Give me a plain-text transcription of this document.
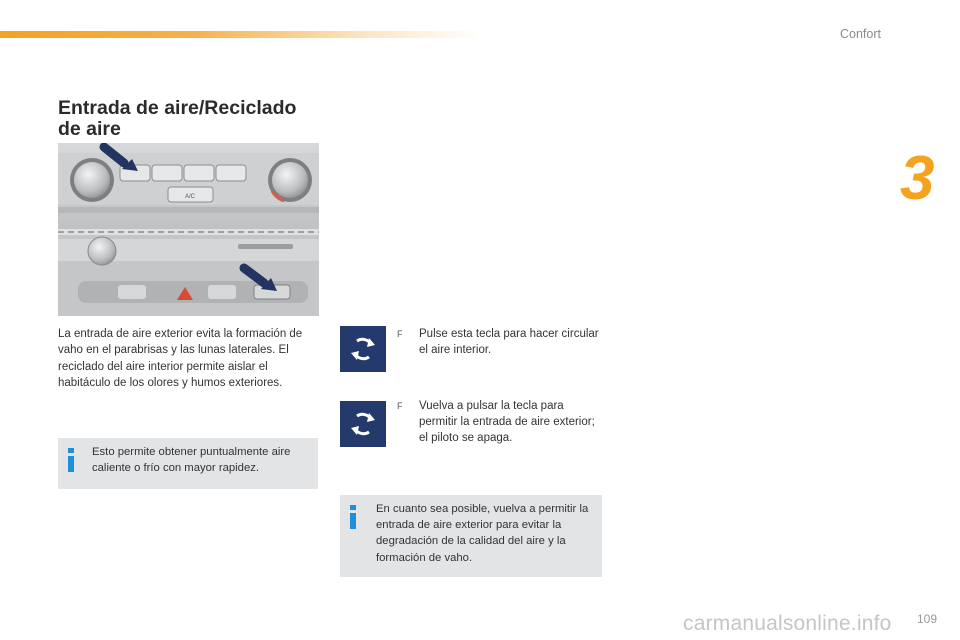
Confort
3
Entrada de aire/Reciclado
de aire
A/C

La entrada de aire exterior evita la formación de vaho en el parabrisas y las lunas laterales. El reciclado del aire interior permite aislar el habitáculo de los olores y humos exteriores.

Esto permite obtener puntualmente aire caliente o frío con mayor rapidez.
F Pulse esta tecla para hacer circular el aire interior.
F Vuelva a pulsar la tecla para permitir la entrada de aire exterior; el piloto se apaga.
En cuanto sea posible, vuelva a permitir la entrada de aire exterior para evitar la degradación de la calidad del aire y la formación de vaho.
carmanualsonline.info 109
